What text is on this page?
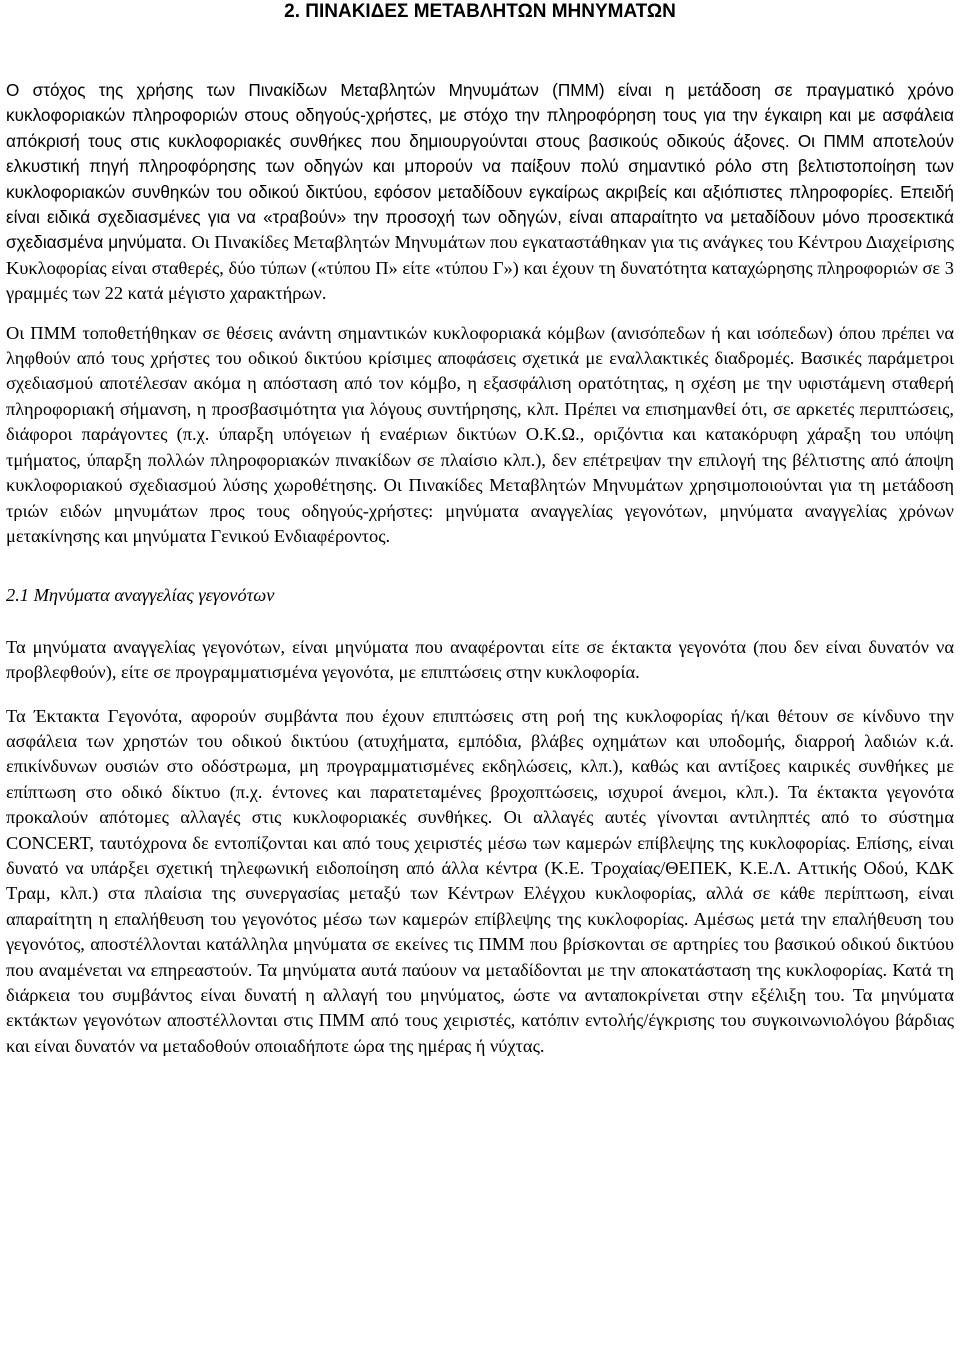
2. ΠΙΝΑΚΙΔΕΣ ΜΕΤΑΒΛΗΤΩΝ ΜΗΝΥΜΑΤΩΝ

Ο στόχος της χρήσης των Πινακίδων Μεταβλητών Μηνυμάτων (ΠΜΜ) είναι η μετάδοση σε πραγματικό χρόνο κυκλοφοριακών πληροφοριών στους οδηγούς-χρήστες, με στόχο την πληροφόρηση τους για την έγκαιρη και με ασφάλεια απόκρισή τους στις κυκλοφοριακές συνθήκες που δημιουργούνται στους βασικούς οδικούς άξονες. Οι ΠΜΜ αποτελούν ελκυστική πηγή πληροφόρησης των οδηγών και μπορούν να παίξουν πολύ σημαντικό ρόλο στη βελτιστοποίηση των κυκλοφοριακών συνθηκών του οδικού δικτύου, εφόσον μεταδίδουν εγκαίρως ακριβείς και αξιόπιστες πληροφορίες. Επειδή είναι ειδικά σχεδιασμένες για να «τραβούν» την προσοχή των οδηγών, είναι απαραίτητο να μεταδίδουν μόνο προσεκτικά σχεδιασμένα μηνύματα. Οι Πινακίδες Μεταβλητών Μηνυμάτων που εγκαταστάθηκαν για τις ανάγκες του Κέντρου Διαχείρισης Κυκλοφορίας είναι σταθερές, δύο τύπων («τύπου Π» είτε «τύπου Γ») και έχουν τη δυνατότητα καταχώρησης πληροφοριών σε 3 γραμμές των 22 κατά μέγιστο χαρακτήρων.

Οι ΠΜΜ τοποθετήθηκαν σε θέσεις ανάντη σημαντικών κυκλοφοριακά κόμβων (ανισόπεδων ή και ισόπεδων) όπου πρέπει να ληφθούν από τους χρήστες του οδικού δικτύου κρίσιμες αποφάσεις σχετικά με εναλλακτικές διαδρομές. Βασικές παράμετροι σχεδιασμού αποτέλεσαν ακόμα η απόσταση από τον κόμβο, η εξασφάλιση ορατότητας, η σχέση με την υφιστάμενη σταθερή πληροφοριακή σήμανση, η προσβασιμότητα για λόγους συντήρησης, κλπ. Πρέπει να επισημανθεί ότι, σε αρκετές περιπτώσεις, διάφοροι παράγοντες (π.χ. ύπαρξη υπόγειων ή εναέριων δικτύων Ο.Κ.Ω., οριζόντια και κατακόρυφη χάραξη του υπόψη τμήματος, ύπαρξη πολλών πληροφοριακών πινακίδων σε πλαίσιο κλπ.), δεν επέτρεψαν την επιλογή της βέλτιστης από άποψη κυκλοφοριακού σχεδιασμού λύσης χωροθέτησης. Οι Πινακίδες Μεταβλητών Μηνυμάτων χρησιμοποιούνται για τη μετάδοση τριών ειδών μηνυμάτων προς τους οδηγούς-χρήστες: μηνύματα αναγγελίας γεγονότων, μηνύματα αναγγελίας χρόνων μετακίνησης και μηνύματα Γενικού Ενδιαφέροντος.

2.1 Μηνύματα αναγγελίας γεγονότων

Τα μηνύματα αναγγελίας γεγονότων, είναι μηνύματα που αναφέρονται είτε σε έκτακτα γεγονότα (που δεν είναι δυνατόν να προβλεφθούν), είτε σε προγραμματισμένα γεγονότα, με επιπτώσεις στην κυκλοφορία.

Τα Έκτακτα Γεγονότα, αφορούν συμβάντα που έχουν επιπτώσεις στη ροή της κυκλοφορίας ή/και θέτουν σε κίνδυνο την ασφάλεια των χρηστών του οδικού δικτύου (ατυχήματα, εμπόδια, βλάβες οχημάτων και υποδομής, διαρροή λαδιών κ.ά. επικίνδυνων ουσιών στο οδόστρωμα, μη προγραμματισμένες εκδηλώσεις, κλπ.), καθώς και αντίξοες καιρικές συνθήκες με επίπτωση στο οδικό δίκτυο (π.χ. έντονες και παρατεταμένες βροχοπτώσεις, ισχυροί άνεμοι, κλπ.). Τα έκτακτα γεγονότα προκαλούν απότομες αλλαγές στις κυκλοφοριακές συνθήκες. Οι αλλαγές αυτές γίνονται αντιληπτές από το σύστημα CONCERT, ταυτόχρονα δε εντοπίζονται και από τους χειριστές μέσω των καμερών επίβλεψης της κυκλοφορίας. Επίσης, είναι δυνατό να υπάρξει σχετική τηλεφωνική ειδοποίηση από άλλα κέντρα (Κ.Ε. Τροχαίας/ΘΕΠΕΚ, Κ.Ε.Λ. Αττικής Οδού, ΚΔΚ Τραμ, κλπ.) στα πλαίσια της συνεργασίας μεταξύ των Κέντρων Ελέγχου κυκλοφορίας, αλλά σε κάθε περίπτωση, είναι απαραίτητη η επαλήθευση του γεγονότος μέσω των καμερών επίβλεψης της κυκλοφορίας. Αμέσως μετά την επαλήθευση του γεγονότος, αποστέλλονται κατάλληλα μηνύματα σε εκείνες τις ΠΜΜ που βρίσκονται σε αρτηρίες του βασικού οδικού δικτύου που αναμένεται να επηρεαστούν. Τα μηνύματα αυτά παύουν να μεταδίδονται με την αποκατάσταση της κυκλοφορίας. Κατά τη διάρκεια του συμβάντος είναι δυνατή η αλλαγή του μηνύματος, ώστε να ανταποκρίνεται στην εξέλιξη του. Τα μηνύματα εκτάκτων γεγονότων αποστέλλονται στις ΠΜΜ από τους χειριστές, κατόπιν εντολής/έγκρισης του συγκοινωνιολόγου βάρδιας και είναι δυνατόν να μεταδοθούν οποιαδήποτε ώρα της ημέρας ή νύχτας.
